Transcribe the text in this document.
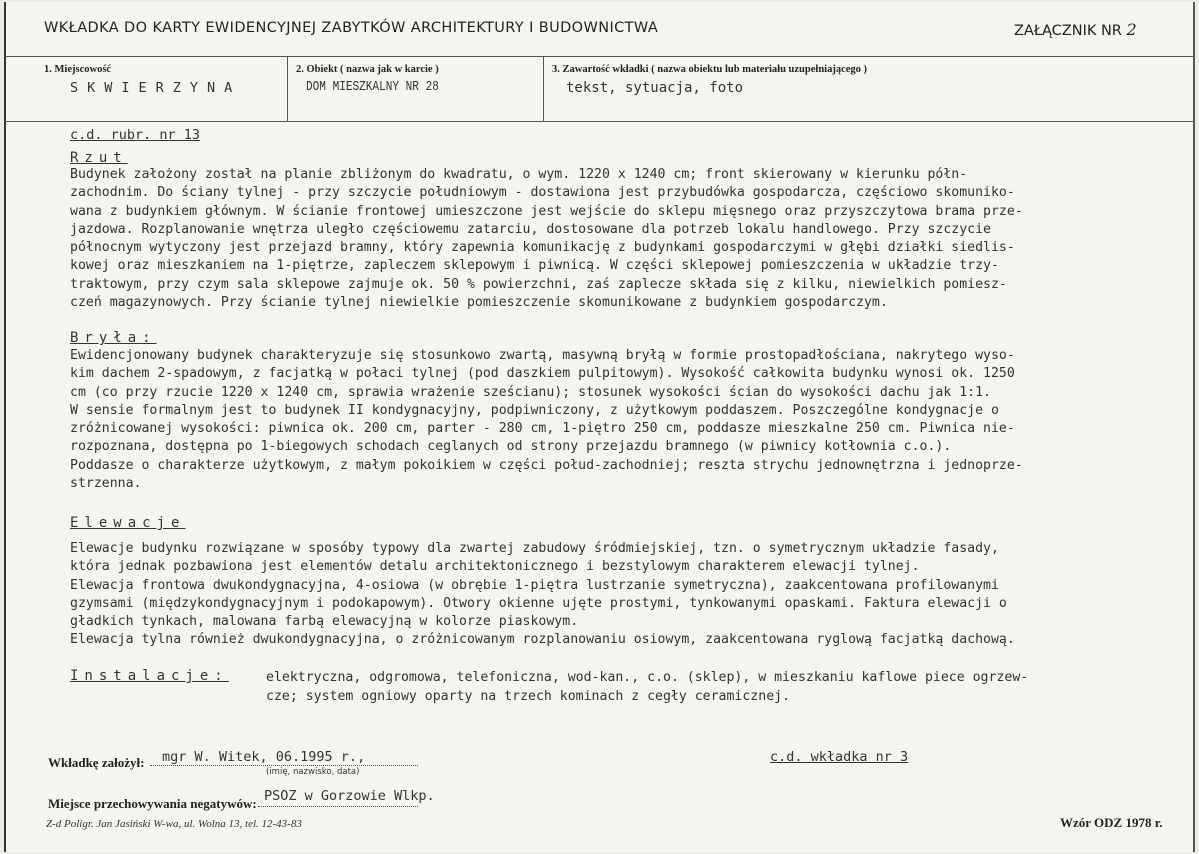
WKŁADKA DO KARTY EWIDENCYJNEJ ZABYTKÓW ARCHITEKTURY I BUDOWNICTWA	ZAŁĄCZNIK NR 2
1. Miejscowość
SKWIERZYNA
2. Obiekt ( nazwa jak w karcie )
DOM MIESZKALNY NR 28
3. Zawartość wkładki ( nazwa obiektu lub materiału uzupełniającego )
tekst, sytuacja, foto
c.d. rubr. nr 13
Rzut

Budynek założony został na planie zbliżonym do kwadratu, o wym. 1220 x 1240 cm; front skierowany w kierunku półn-
zachodnim. Do ściany tylnej - przy szczycie południowym - dostawiona jest przybudówka gospodarcza, częściowo skomuniko-
wana z budynkiem głównym. W ścianie frontowej umieszczone jest wejście do sklepu mięsnego oraz przyszczytowa brama prze-
jazdowa. Rozplanowanie wnętrza uległo częściowemu zatarciu, dostosowane dla potrzeb lokalu handlowego. Przy szczycie
północnym wytyczony jest przejazd bramny, który zapewnia komunikację z budynkami gospodarczymi w głębi działki siedlis-
kowej oraz mieszkaniem na 1-piętrze, zapleczem sklepowym i piwnicą. W części sklepowej pomieszczenia w układzie trzy-
traktowym, przy czym sala sklepowe zajmuje ok. 50 % powierzchni, zaś zaplecze składa się z kilku, niewielkich pomiesz-
czeń magazynowych. Przy ścianie tylnej niewielkie pomieszczenie skomunikowane z budynkiem gospodarczym.

Bryła:

Ewidencjonowany budynek charakteryzuje się stosunkowo zwartą, masywną bryłą w formie prostopadłościana, nakrytego wyso-
kim dachem 2-spadowym, z facjatką w połaci tylnej (pod daszkiem pulpitowym). Wysokość całkowita budynku wynosi ok. 1250
cm (co przy rzucie 1220 x 1240 cm, sprawia wrażenie sześcianu); stosunek wysokości ścian do wysokości dachu jak 1:1.
W sensie formalnym jest to budynek II kondygnacyjny, podpiwniczony, z użytkowym poddaszem. Poszczególne kondygnacje o
zróżnicowanej wysokości: piwnica ok. 200 cm, parter - 280 cm, 1-piętro 250 cm, poddasze mieszkalne 250 cm. Piwnica nie-
rozpoznana, dostępna po 1-biegowych schodach ceglanych od strony przejazdu bramnego (w piwnicy kotłownia c.o.).
Poddasze o charakterze użytkowym, z małym pokoikiem w części połud-zachodniej; reszta strychu jednownętrzna i jednoprze-
strzenna.

Elewacje

Elewacje budynku rozwiązane w sposóby typowy dla zwartej zabudowy śródmiejskiej, tzn. o symetrycznym układzie fasady,
która jednak pozbawiona jest elementów detalu architektonicznego i bezstylowym charakterem elewacji tylnej.
Elewacja frontowa dwukondygnacyjna, 4-osiowa (w obrębie 1-piętra lustrzanie symetryczna), zaakcentowana profilowanymi
gzymsami (międzykondygnacyjnym i podokapowym). Otwory okienne ujęte prostymi, tynkowanymi opaskami. Faktura elewacji o
gładkich tynkach, malowana farbą elewacyjną w kolorze piaskowym.
Elewacja tylna również dwukondygnacyjna, o zróżnicowanym rozplanowaniu osiowym, zaakcentowana ryglową facjatką dachową.

Instalacje:	elektryczna, odgromowa, telefoniczna, wod-kan., c.o. (sklep), w mieszkaniu kaflowe piece ogrzew-
cze; system ogniowy oparty na trzech kominach z cegły ceramicznej.
Wkładkę założył: mgr W. Witek, 06.1995 r.,
(imię, nazwisko, data)
c.d. wkładka nr 3
Miejsce przechowywania negatywów: PSOZ w Gorzowie Wlkp.
Z-d Poligr. Jan Jasiński W-wa, ul. Wolna 13, tel. 12-43-83	Wzór ODZ 1978 r.
